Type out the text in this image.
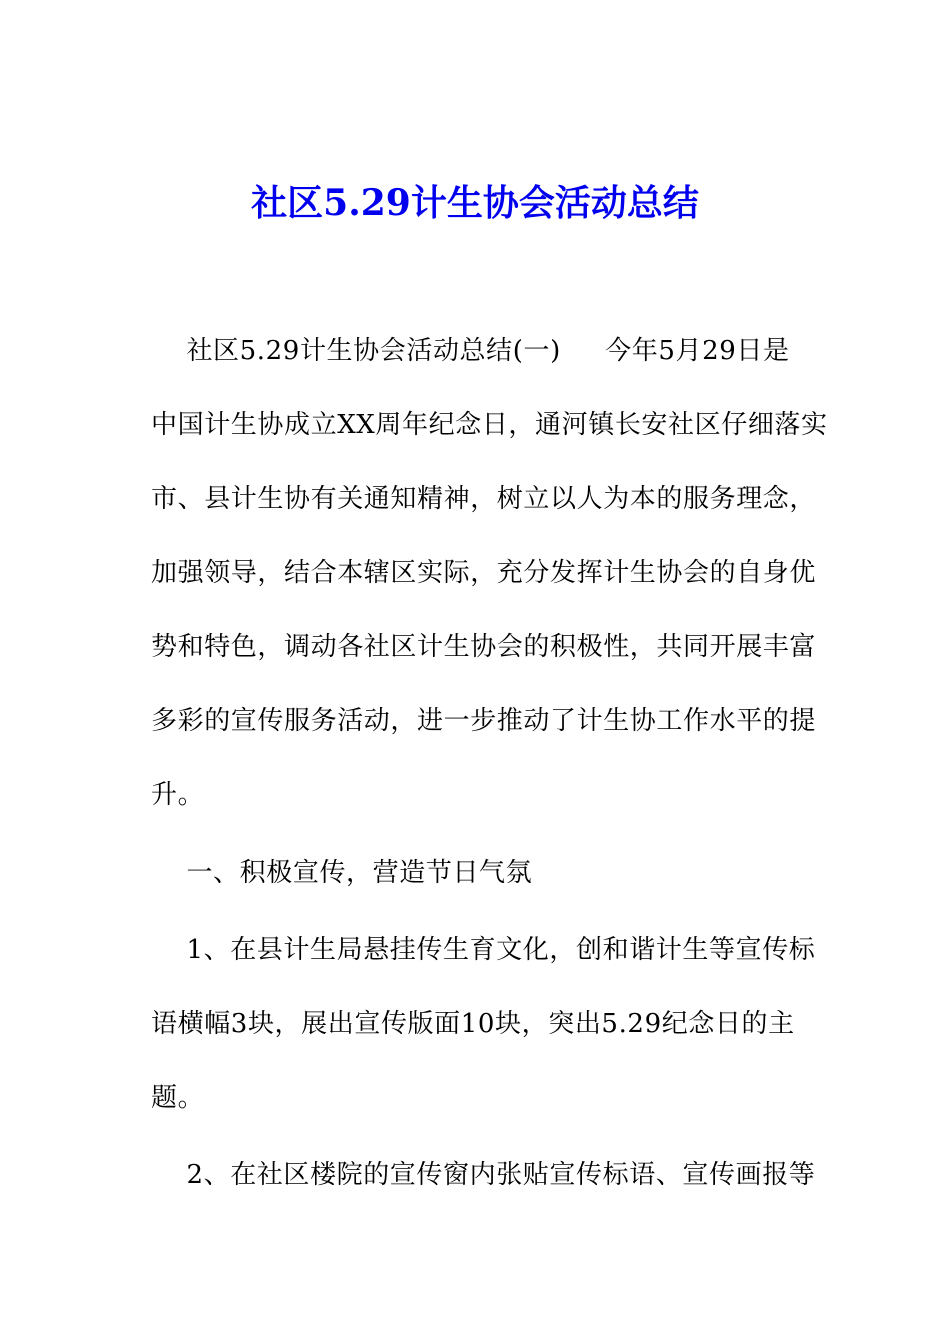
社区5.29计生协会活动总结
社区5.29计生协会活动总结(一)     今年5月29日是
中国计生协成立XX周年纪念日，通河镇长安社区仔细落实
市、县计生协有关通知精神，树立以人为本的服务理念，
加强领导，结合本辖区实际，充分发挥计生协会的自身优
势和特色，调动各社区计生协会的积极性，共同开展丰富
多彩的宣传服务活动，进一步推动了计生协工作水平的提
升。
一、积极宣传，营造节日气氛
1、在县计生局悬挂传生育文化，创和谐计生等宣传标
语横幅3块，展出宣传版面10块，突出5.29纪念日的主
题。
2、在社区楼院的宣传窗内张贴宣传标语、宣传画报等
